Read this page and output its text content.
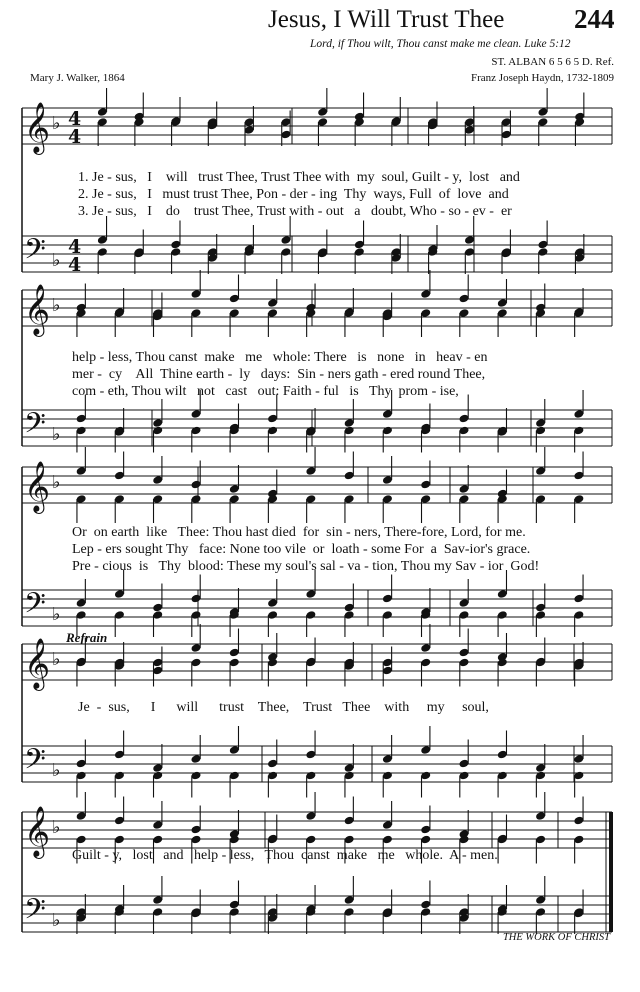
Jesus, I Will Trust Thee	244
Lord, if Thou wilt, Thou canst make me clean. Luke 5:12
ST. ALBAN 6 5 6 5 D. Ref.
Mary J. Walker, 1864	Franz Joseph Haydn, 1732-1809
𝄞 ♭ 4
4
𝄢 ♭
4
4
𝄞 ♭
𝄢 ♭
𝄞 ♭
𝄢 ♭
𝄞 ♭
𝄢 ♭
𝄞 ♭
𝄢 ♭
1. Je - sus,   I    will   trust Thee, Trust Thee with  my  soul, Guilt - y,  lost   and
2. Je - sus,   I   must trust Thee, Pon - der - ing  Thy  ways, Full  of  love  and
3. Je - sus,   I    do    trust Thee, Trust with - out   a   doubt, Who - so - ev -  er
help - less, Thou canst  make   me   whole: There   is   none   in   heav - en
mer -  cy    All  Thine earth -  ly   days:  Sin - ners gath - ered round Thee,
com - eth, Thou wilt   not   cast   out: Faith - ful   is   Thy  prom - ise,
Or  on earth  like   Thee: Thou hast died  for  sin - ners, There-fore, Lord, for me.
Lep - ers sought Thy   face: None too vile  or  loath - some For  a  Sav-ior's grace.
Pre - cious  is   Thy  blood: These my soul's sal - va - tion, Thou my Sav - ior  God!
Refrain
Je  -  sus,      I      will      trust    Thee,    Trust   Thee    with     my     soul,
Guilt - y,   lost   and   help - less,   Thou  canst  make   me   whole.  A - men.
THE WORK OF CHRIST
